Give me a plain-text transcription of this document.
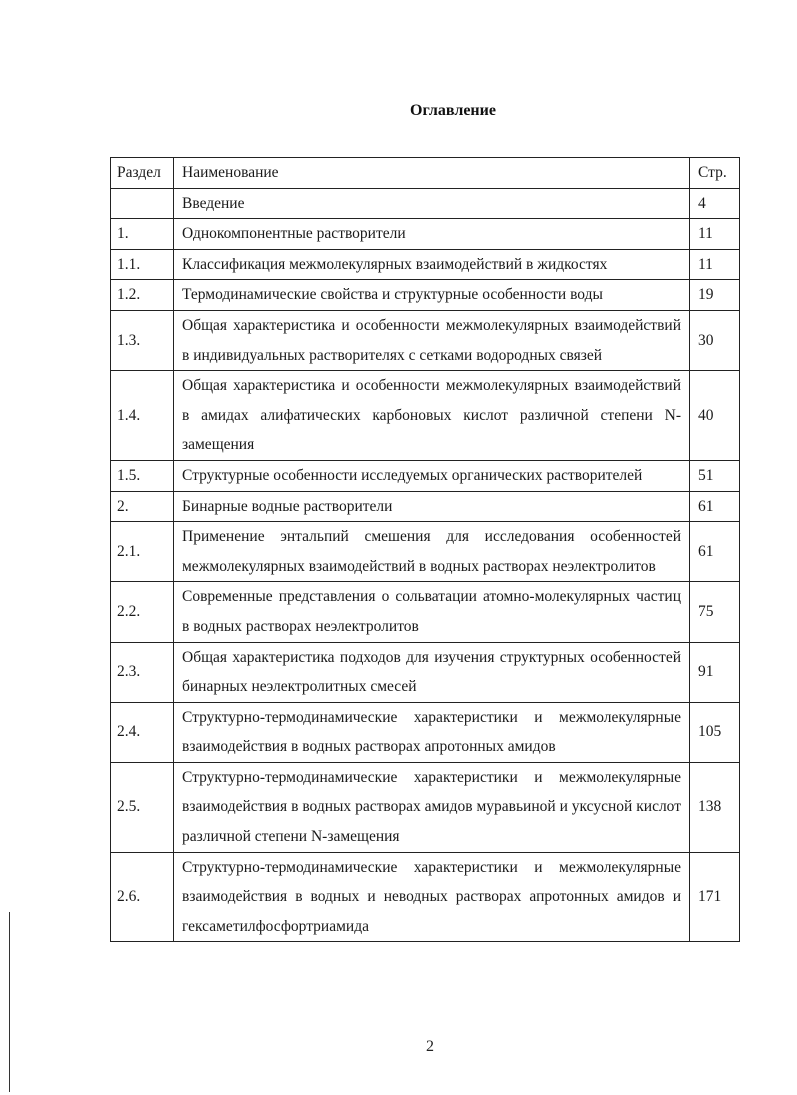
Оглавление
Раздел	Наименование	Стр.
	Введение	4
1.	Однокомпонентные растворители	11
1.1.	Классификация межмолекулярных взаимодействий в жидкостях	11
1.2.	Термодинамические свойства и структурные особенности воды	19
1.3.	Общая характеристика и особенности межмолекулярных взаимодействий в индивидуальных растворителях с сетками водородных связей	30
1.4.	Общая характеристика и особенности межмолекулярных взаимодействий в амидах алифатических карбоновых кислот различной степени N-замещения	40
1.5.	Структурные особенности исследуемых органических растворителей	51
2.	Бинарные водные растворители	61
2.1.	Применение энтальпий смешения для исследования особенностей межмолекулярных взаимодействий в водных растворах неэлектролитов	61
2.2.	Современные представления о сольватации атомно-молекулярных частиц в водных растворах неэлектролитов	75
2.3.	Общая характеристика подходов для изучения структурных особенностей бинарных неэлектролитных смесей	91
2.4.	Структурно-термодинамические характеристики и межмолекулярные взаимодействия в водных растворах апротонных амидов	105
2.5.	Структурно-термодинамические характеристики и межмолекулярные взаимодействия в водных растворах амидов муравьиной и уксусной кислот различной степени N-замещения	138
2.6.	Структурно-термодинамические характеристики и межмолекулярные взаимодействия в водных и неводных растворах апротонных амидов и гексаметилфосфортриамида	171
2
